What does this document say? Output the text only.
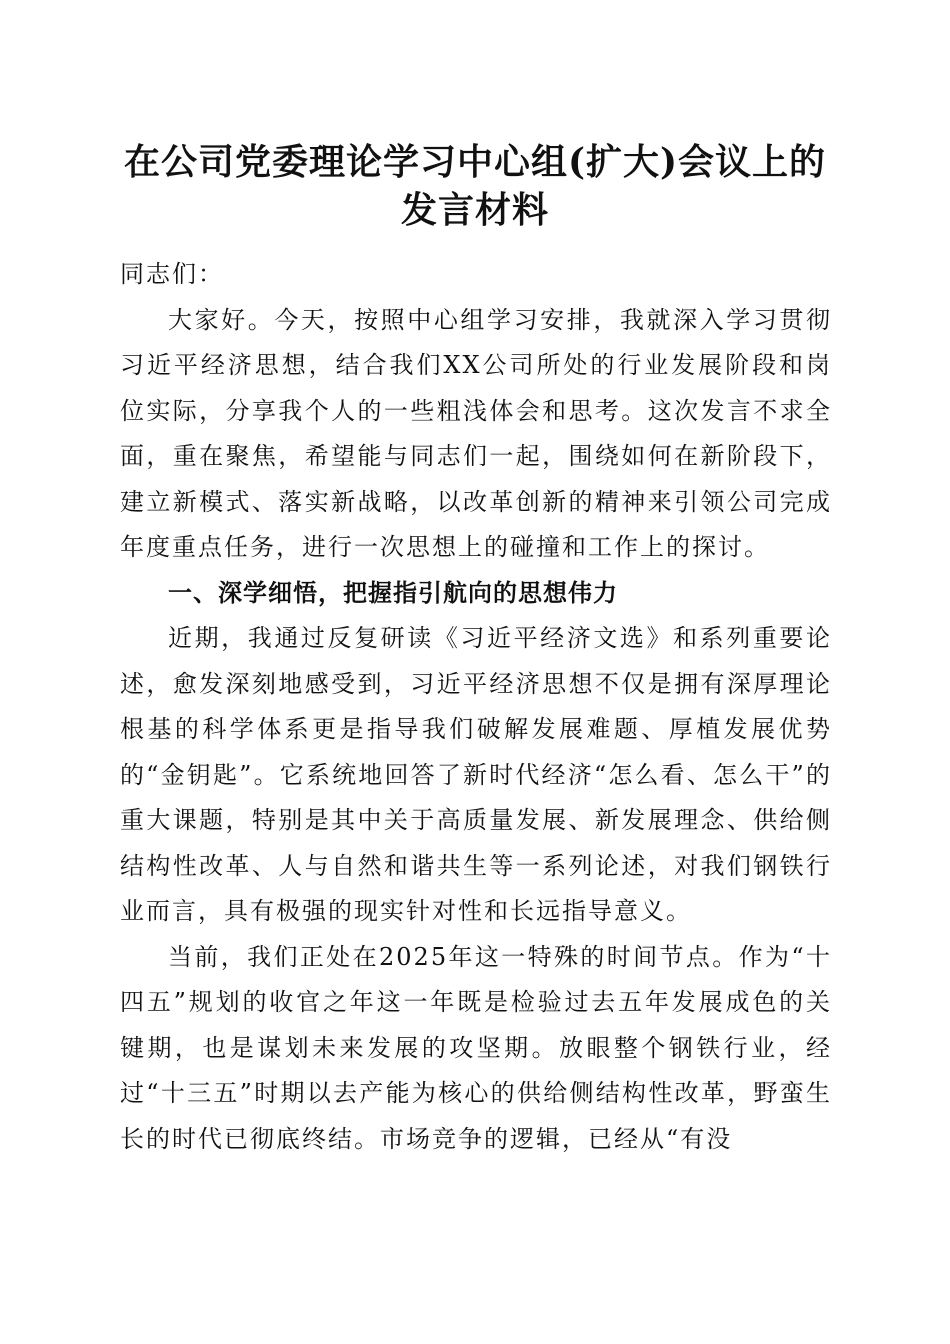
在公司党委理论学习中心组(扩大)会议上的发言材料

同志们：

大家好。今天，按照中心组学习安排，我就深入学习贯彻习近平经济思想，结合我们XX公司所处的行业发展阶段和岗位实际，分享我个人的一些粗浅体会和思考。这次发言不求全面，重在聚焦，希望能与同志们一起，围绕如何在新阶段下，建立新模式、落实新战略，以改革创新的精神来引领公司完成年度重点任务，进行一次思想上的碰撞和工作上的探讨。

一、深学细悟，把握指引航向的思想伟力

近期，我通过反复研读《习近平经济文选》和系列重要论述，愈发深刻地感受到，习近平经济思想不仅是拥有深厚理论根基的科学体系更是指导我们破解发展难题、厚植发展优势的“金钥匙”。它系统地回答了新时代经济“怎么看、怎么干”的重大课题，特别是其中关于高质量发展、新发展理念、供给侧结构性改革、人与自然和谐共生等一系列论述，对我们钢铁行业而言，具有极强的现实针对性和长远指导意义。

当前，我们正处在2025年这一特殊的时间节点。作为“十四五”规划的收官之年这一年既是检验过去五年发展成色的关键期，也是谋划未来发展的攻坚期。放眼整个钢铁行业，经过“十三五”时期以去产能为核心的供给侧结构性改革，野蛮生长的时代已彻底终结。市场竞争的逻辑，已经从“有没
